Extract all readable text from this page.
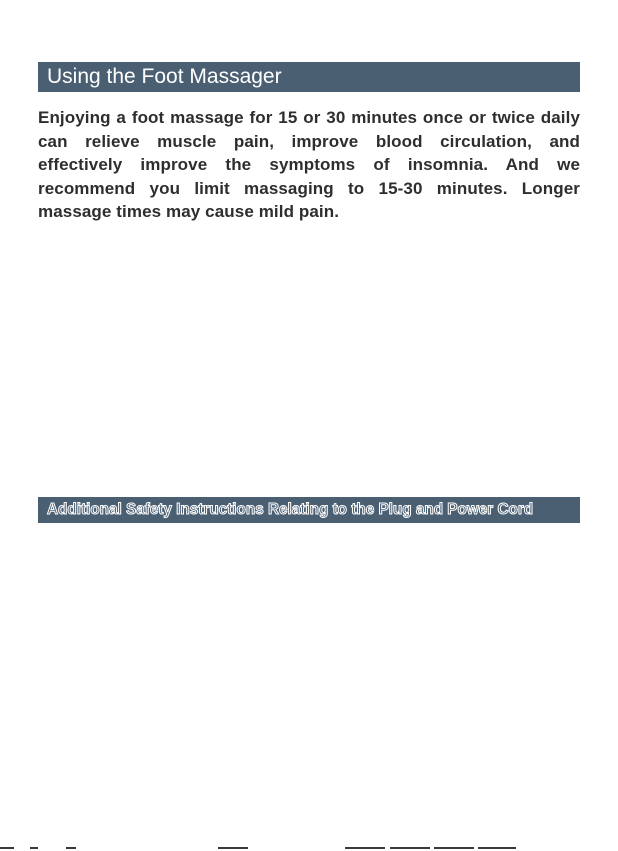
Using the Foot Massager

Enjoying a foot massage for 15 or 30 minutes once or twice daily can relieve muscle pain, improve blood circulation, and effectively improve the symptoms of insomnia. And we recommend you limit massaging to 15-30 minutes. Longer massage times may cause mild pain.

Additional Safety Instructions Relating to the Plug and Power Cord
